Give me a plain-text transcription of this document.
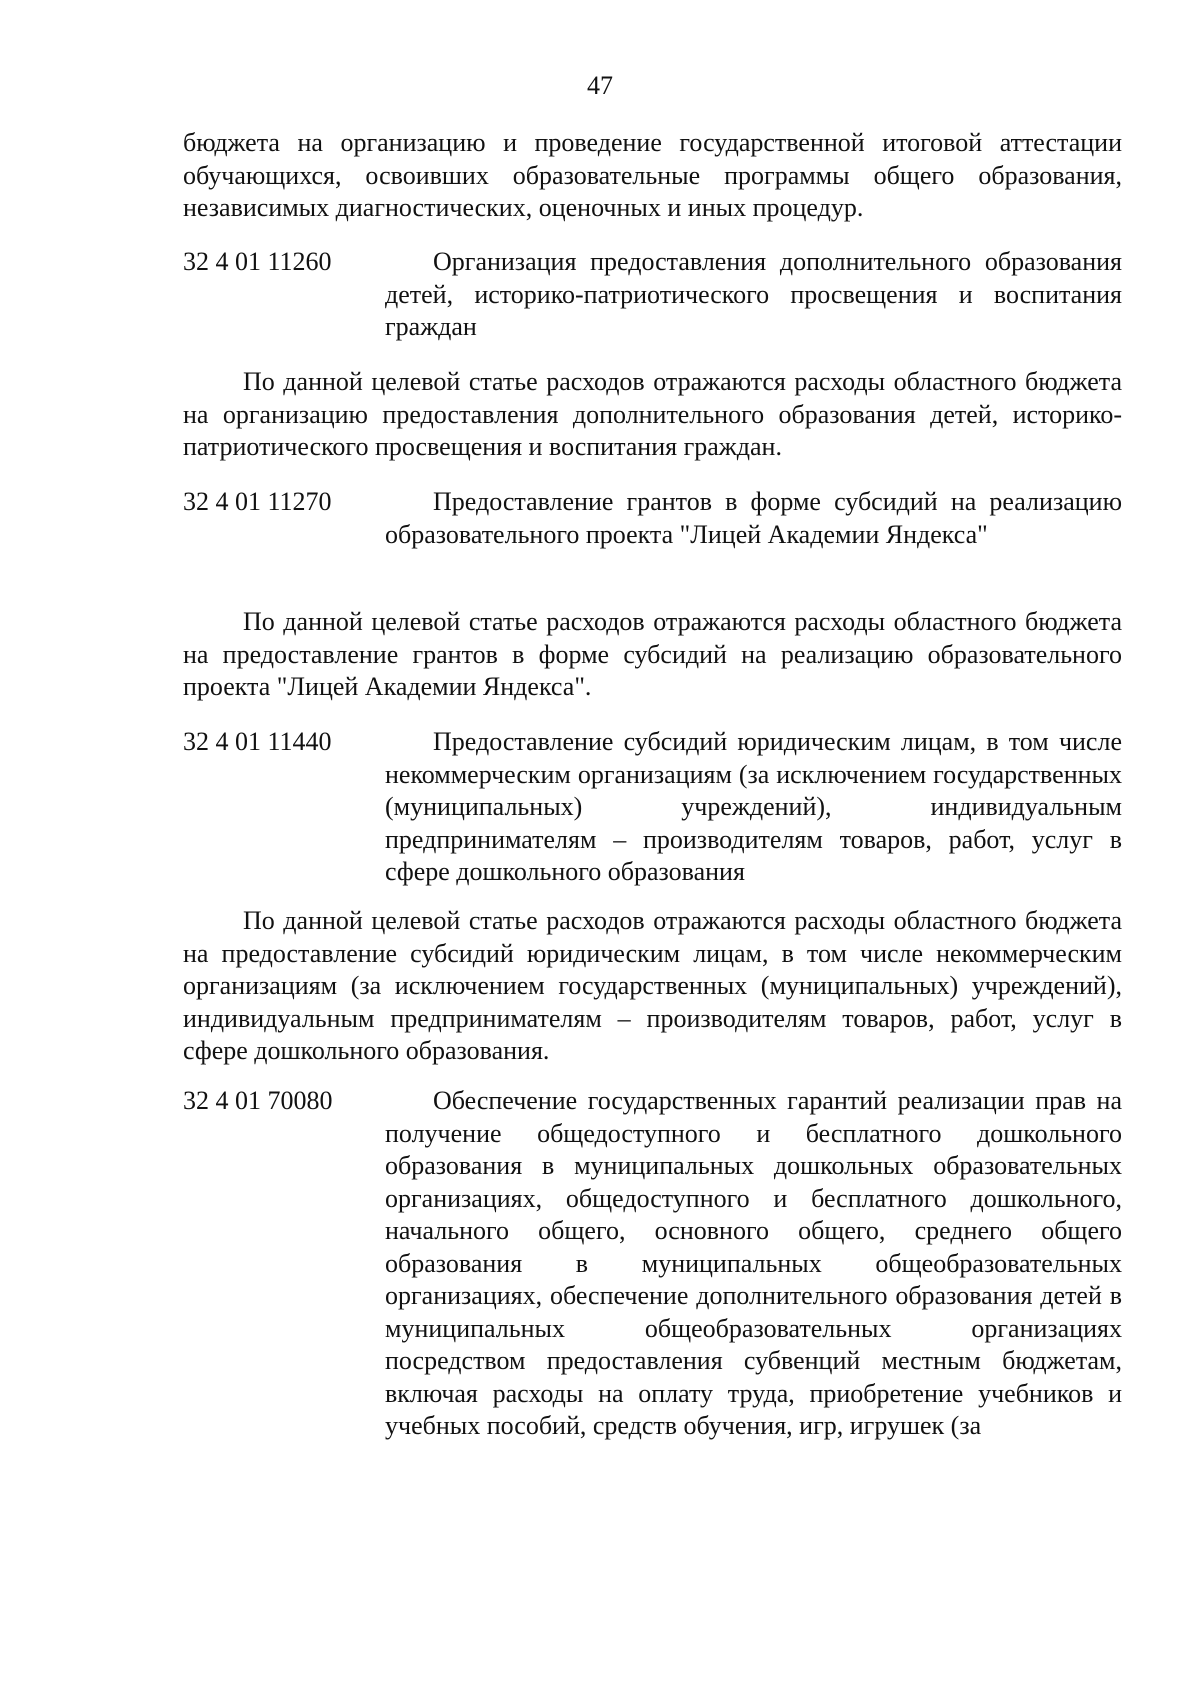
47
бюджета на организацию и проведение государственной итоговой аттестации обучающихся, освоивших образовательные программы общего образования, независимых диагностических, оценочных и иных процедур.
32 4 01 11260	Организация предоставления дополнительного образования детей, историко-патриотического просвещения и воспитания граждан
По данной целевой статье расходов отражаются расходы областного бюджета на организацию предоставления дополнительного образования детей, историко-патриотического просвещения и воспитания граждан.
32 4 01 11270	Предоставление грантов в форме субсидий на реализацию образовательного проекта "Лицей Академии Яндекса"
По данной целевой статье расходов отражаются расходы областного бюджета на предоставление грантов в форме субсидий на реализацию образовательного проекта "Лицей Академии Яндекса".
32 4 01 11440	Предоставление субсидий юридическим лицам, в том числе некоммерческим организациям (за исключением государственных (муниципальных) учреждений), индивидуальным предпринимателям – производителям товаров, работ, услуг в сфере дошкольного образования
По данной целевой статье расходов отражаются расходы областного бюджета на предоставление субсидий юридическим лицам, в том числе некоммерческим организациям (за исключением государственных (муниципальных) учреждений), индивидуальным предпринимателям – производителям товаров, работ, услуг в сфере дошкольного образования.
32 4 01 70080	Обеспечение государственных гарантий реализации прав на получение общедоступного и бесплатного дошкольного образования в муниципальных дошкольных образовательных организациях, общедоступного и бесплатного дошкольного, начального общего, основного общего, среднего общего образования в муниципальных общеобразовательных организациях, обеспечение дополнительного образования детей в муниципальных общеобразовательных организациях посредством предоставления субвенций местным бюджетам, включая расходы на оплату труда, приобретение учебников и учебных пособий, средств обучения, игр, игрушек (за
